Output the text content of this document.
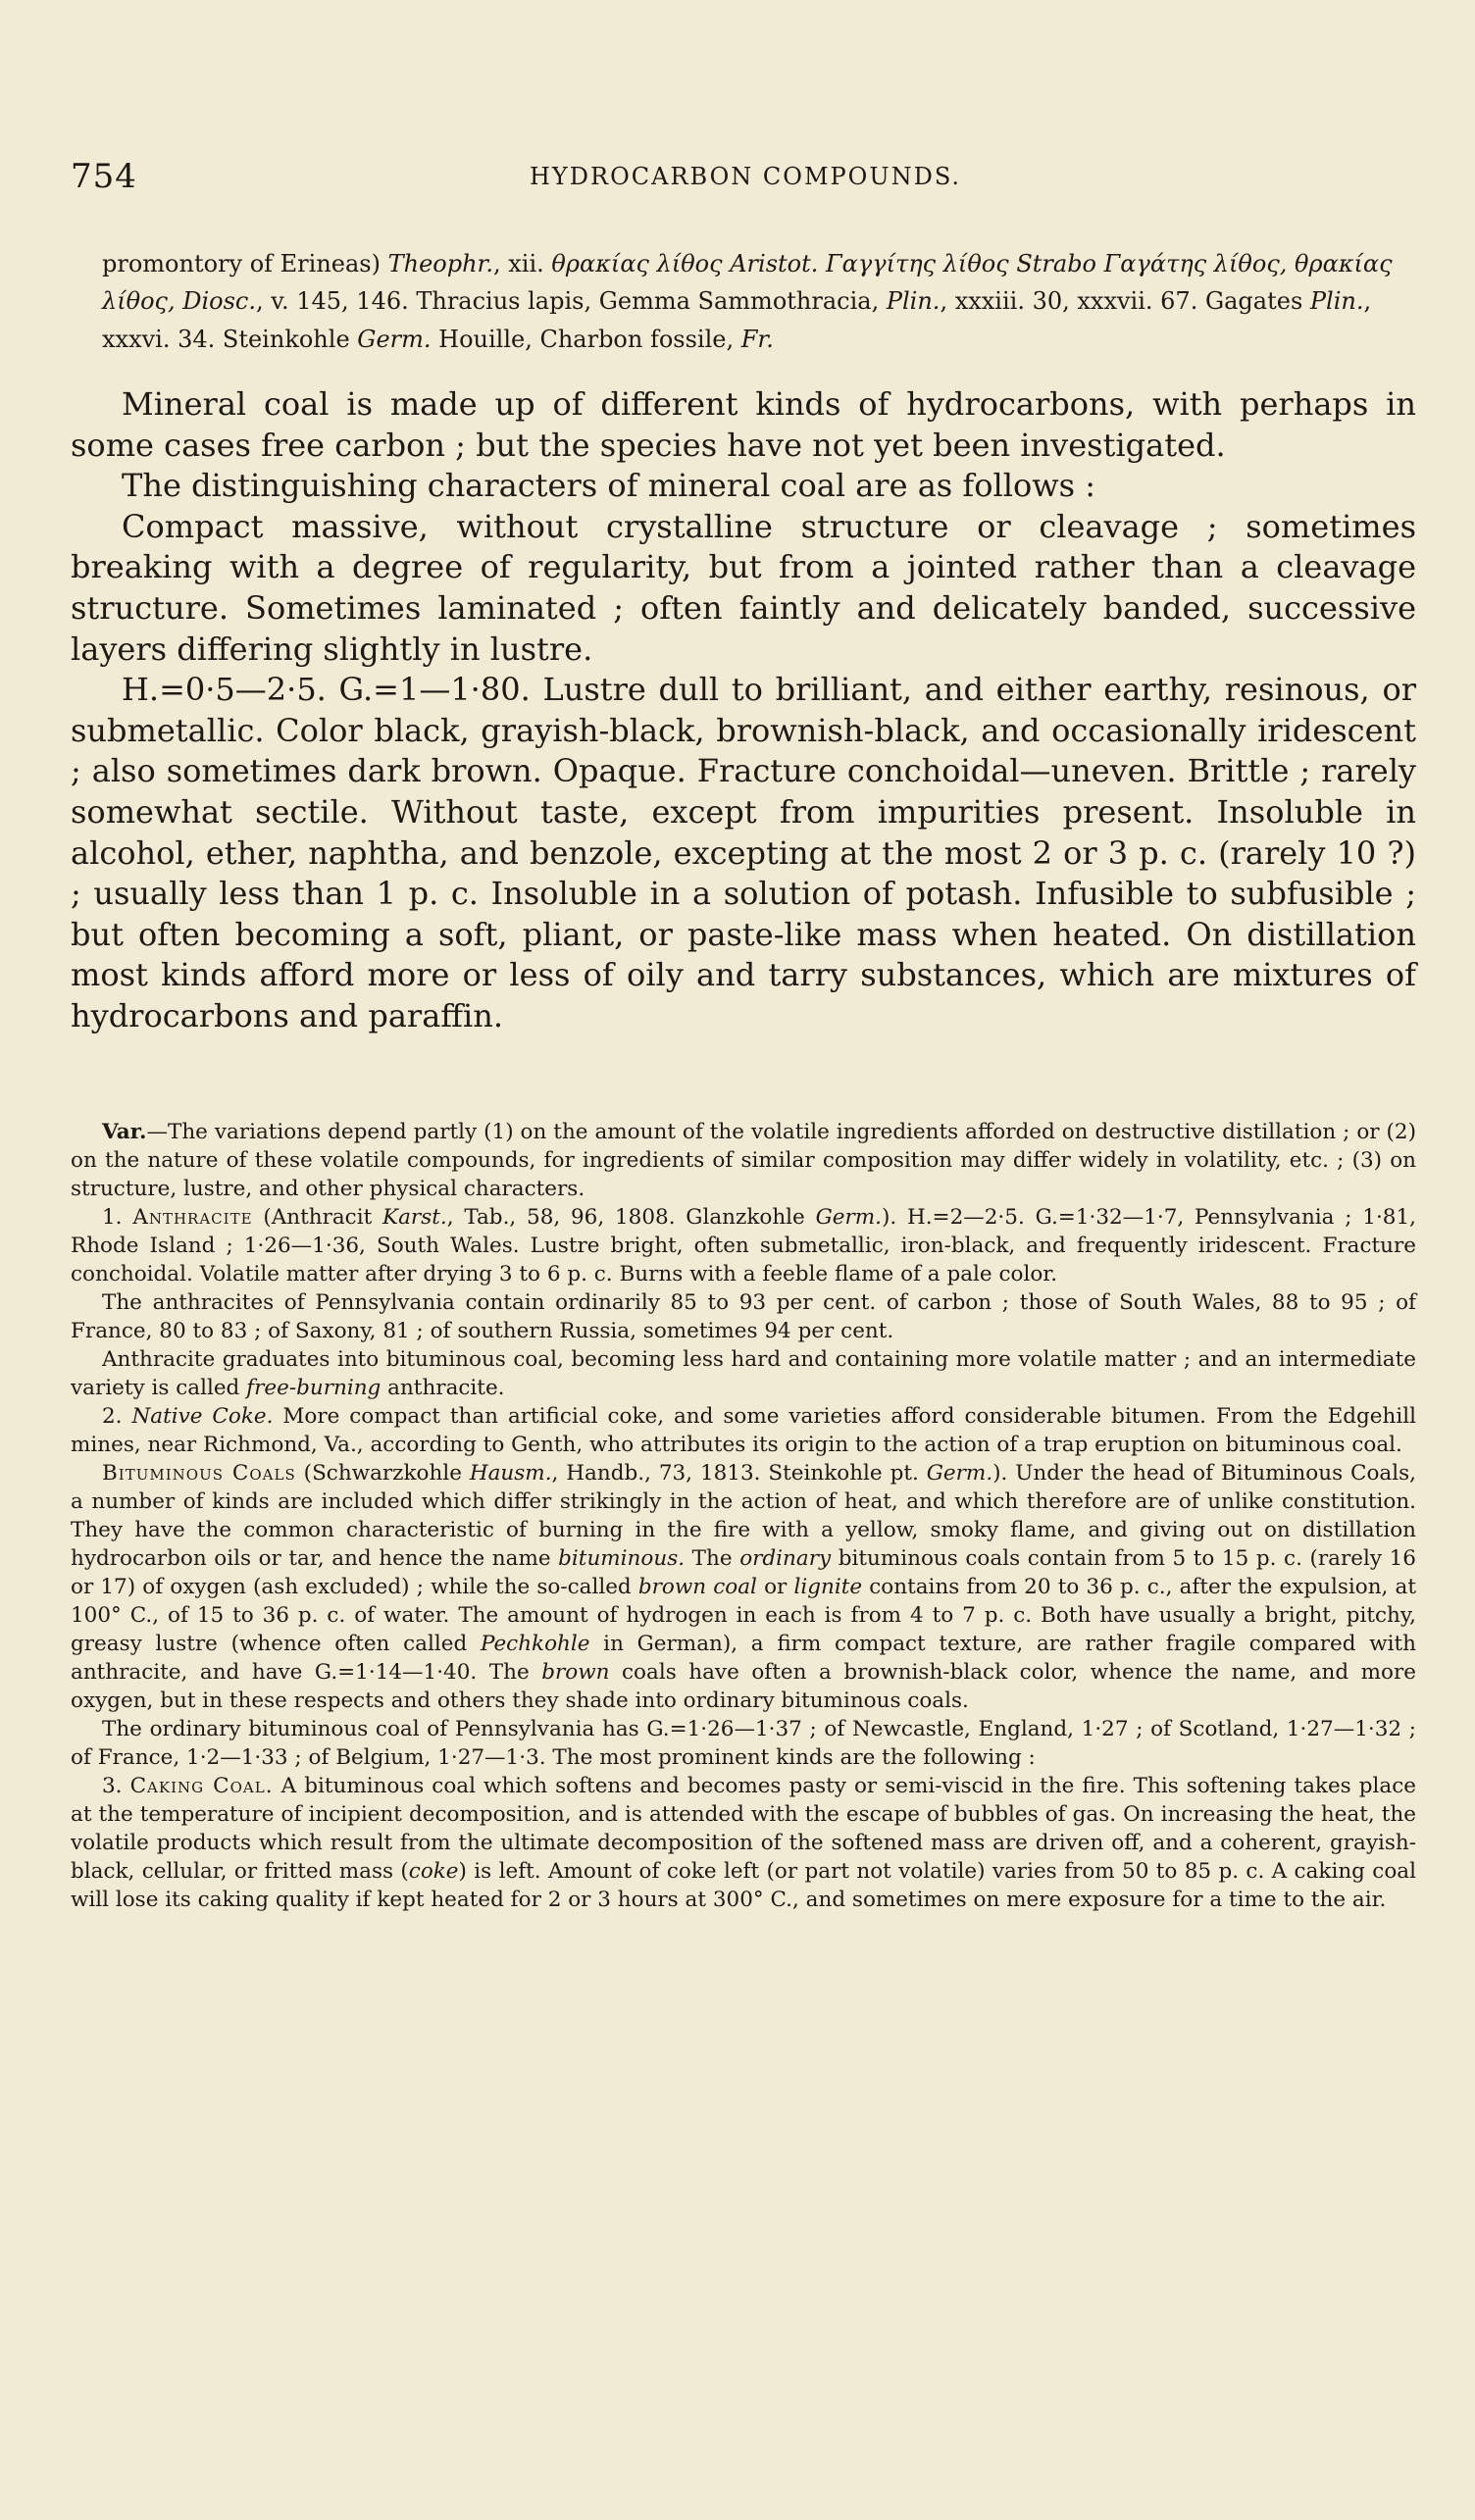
754	HYDROCARBON COMPOUNDS.
promontory of Erineas) Theophr., xii. θρακίας λίθος Aristot. Γαγγίτης λίθος Strabo Γαγάτης λίθος, θρακίας λίθος, Diosc., v. 145, 146. Thracius lapis, Gemma Sammothracia, Plin., xxxiii. 30, xxxvii. 67. Gagates Plin., xxxvi. 34. Steinkohle Germ. Houille, Charbon fossile, Fr.

Mineral coal is made up of different kinds of hydrocarbons, with perhaps in some cases free carbon ; but the species have not yet been investigated.

The distinguishing characters of mineral coal are as follows :

Compact massive, without crystalline structure or cleavage ; sometimes breaking with a degree of regularity, but from a jointed rather than a cleavage structure. Sometimes laminated ; often faintly and delicately banded, successive layers differing slightly in lustre.

H.=0·5—2·5. G.=1—1·80. Lustre dull to brilliant, and either earthy, resinous, or submetallic. Color black, grayish-black, brownish-black, and occasionally iridescent ; also sometimes dark brown. Opaque. Fracture conchoidal—uneven. Brittle ; rarely somewhat sectile. Without taste, except from impurities present. Insoluble in alcohol, ether, naphtha, and benzole, excepting at the most 2 or 3 p. c. (rarely 10 ?) ; usually less than 1 p. c. Insoluble in a solution of potash. Infusible to subfusible ; but often becoming a soft, pliant, or paste-like mass when heated. On distillation most kinds afford more or less of oily and tarry substances, which are mixtures of hydrocarbons and paraffin.

Var.—The variations depend partly (1) on the amount of the volatile ingredients afforded on destructive distillation ; or (2) on the nature of these volatile compounds, for ingredients of similar composition may differ widely in volatility, etc. ; (3) on structure, lustre, and other physical characters.

1. Anthracite (Anthracit Karst., Tab., 58, 96, 1808. Glanzkohle Germ.). H.=2—2·5. G.=1·32—1·7, Pennsylvania ; 1·81, Rhode Island ; 1·26—1·36, South Wales. Lustre bright, often submetallic, iron-black, and frequently iridescent. Fracture conchoidal. Volatile matter after drying 3 to 6 p. c. Burns with a feeble flame of a pale color.

The anthracites of Pennsylvania contain ordinarily 85 to 93 per cent. of carbon ; those of South Wales, 88 to 95 ; of France, 80 to 83 ; of Saxony, 81 ; of southern Russia, sometimes 94 per cent.

Anthracite graduates into bituminous coal, becoming less hard and containing more volatile matter ; and an intermediate variety is called free-burning anthracite.

2. Native Coke. More compact than artificial coke, and some varieties afford considerable bitumen. From the Edgehill mines, near Richmond, Va., according to Genth, who attributes its origin to the action of a trap eruption on bituminous coal.

Bituminous Coals (Schwarzkohle Hausm., Handb., 73, 1813. Steinkohle pt. Germ.). Under the head of Bituminous Coals, a number of kinds are included which differ strikingly in the action of heat, and which therefore are of unlike constitution. They have the common characteristic of burning in the fire with a yellow, smoky flame, and giving out on distillation hydrocarbon oils or tar, and hence the name bituminous. The ordinary bituminous coals contain from 5 to 15 p. c. (rarely 16 or 17) of oxygen (ash excluded) ; while the so-called brown coal or lignite contains from 20 to 36 p. c., after the expulsion, at 100° C., of 15 to 36 p. c. of water. The amount of hydrogen in each is from 4 to 7 p. c. Both have usually a bright, pitchy, greasy lustre (whence often called Pechkohle in German), a firm compact texture, are rather fragile compared with anthracite, and have G.=1·14—1·40. The brown coals have often a brownish-black color, whence the name, and more oxygen, but in these respects and others they shade into ordinary bituminous coals.

The ordinary bituminous coal of Pennsylvania has G.=1·26—1·37 ; of Newcastle, England, 1·27 ; of Scotland, 1·27—1·32 ; of France, 1·2—1·33 ; of Belgium, 1·27—1·3. The most prominent kinds are the following :

3. Caking Coal. A bituminous coal which softens and becomes pasty or semi-viscid in the fire. This softening takes place at the temperature of incipient decomposition, and is attended with the escape of bubbles of gas. On increasing the heat, the volatile products which result from the ultimate decomposition of the softened mass are driven off, and a coherent, grayish-black, cellular, or fritted mass (coke) is left. Amount of coke left (or part not volatile) varies from 50 to 85 p. c. A caking coal will lose its caking quality if kept heated for 2 or 3 hours at 300° C., and sometimes on mere exposure for a time to the air.
